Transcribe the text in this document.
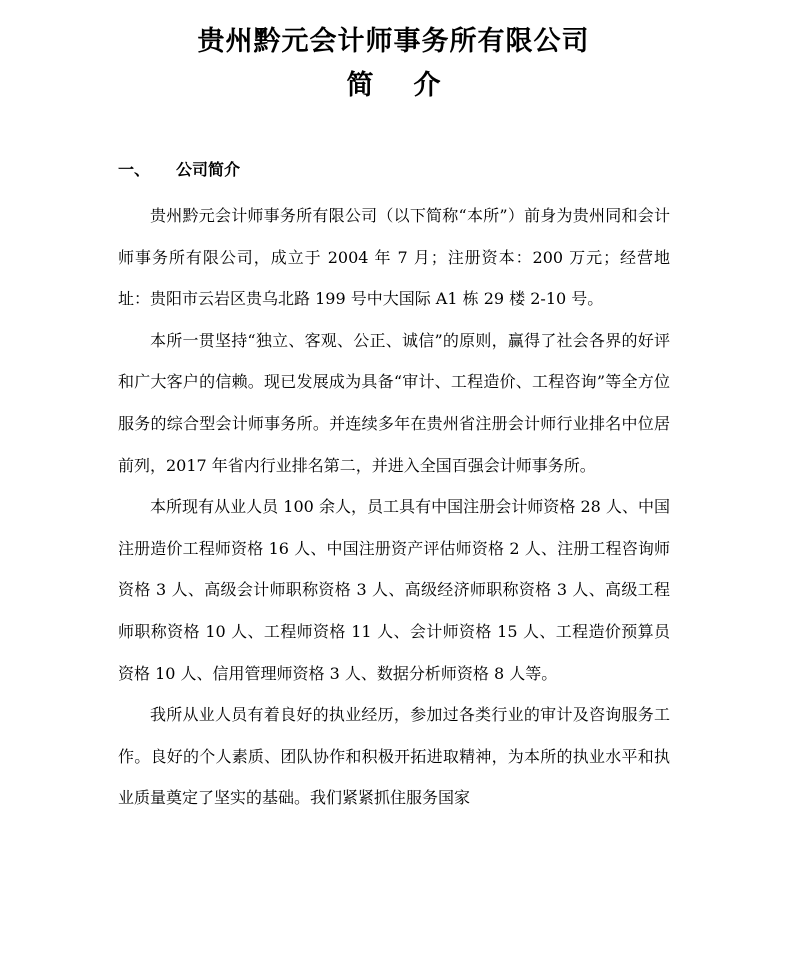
贵州黔元会计师事务所有限公司
简 介
一、 公司简介

贵州黔元会计师事务所有限公司（以下简称“本所”）前身为贵州同和会计师事务所有限公司，成立于 2004 年 7 月；注册资本：200 万元；经营地址：贵阳市云岩区贵乌北路 199 号中大国际 A1 栋 29 楼 2-10 号。

本所一贯坚持“独立、客观、公正、诚信”的原则，赢得了社会各界的好评和广大客户的信赖。现已发展成为具备“审计、工程造价、工程咨询”等全方位服务的综合型会计师事务所。并连续多年在贵州省注册会计师行业排名中位居前列，2017 年省内行业排名第二，并进入全国百强会计师事务所。

本所现有从业人员 100 余人，员工具有中国注册会计师资格 28 人、中国注册造价工程师资格 16 人、中国注册资产评估师资格 2 人、注册工程咨询师资格 3 人、高级会计师职称资格 3 人、高级经济师职称资格 3 人、高级工程师职称资格 10 人、工程师资格 11 人、会计师资格 15 人、工程造价预算员资格 10 人、信用管理师资格 3 人、数据分析师资格 8 人等。

我所从业人员有着良好的执业经历，参加过各类行业的审计及咨询服务工作。良好的个人素质、团队协作和积极开拓进取精神，为本所的执业水平和执业质量奠定了坚实的基础。我们紧紧抓住服务国家
